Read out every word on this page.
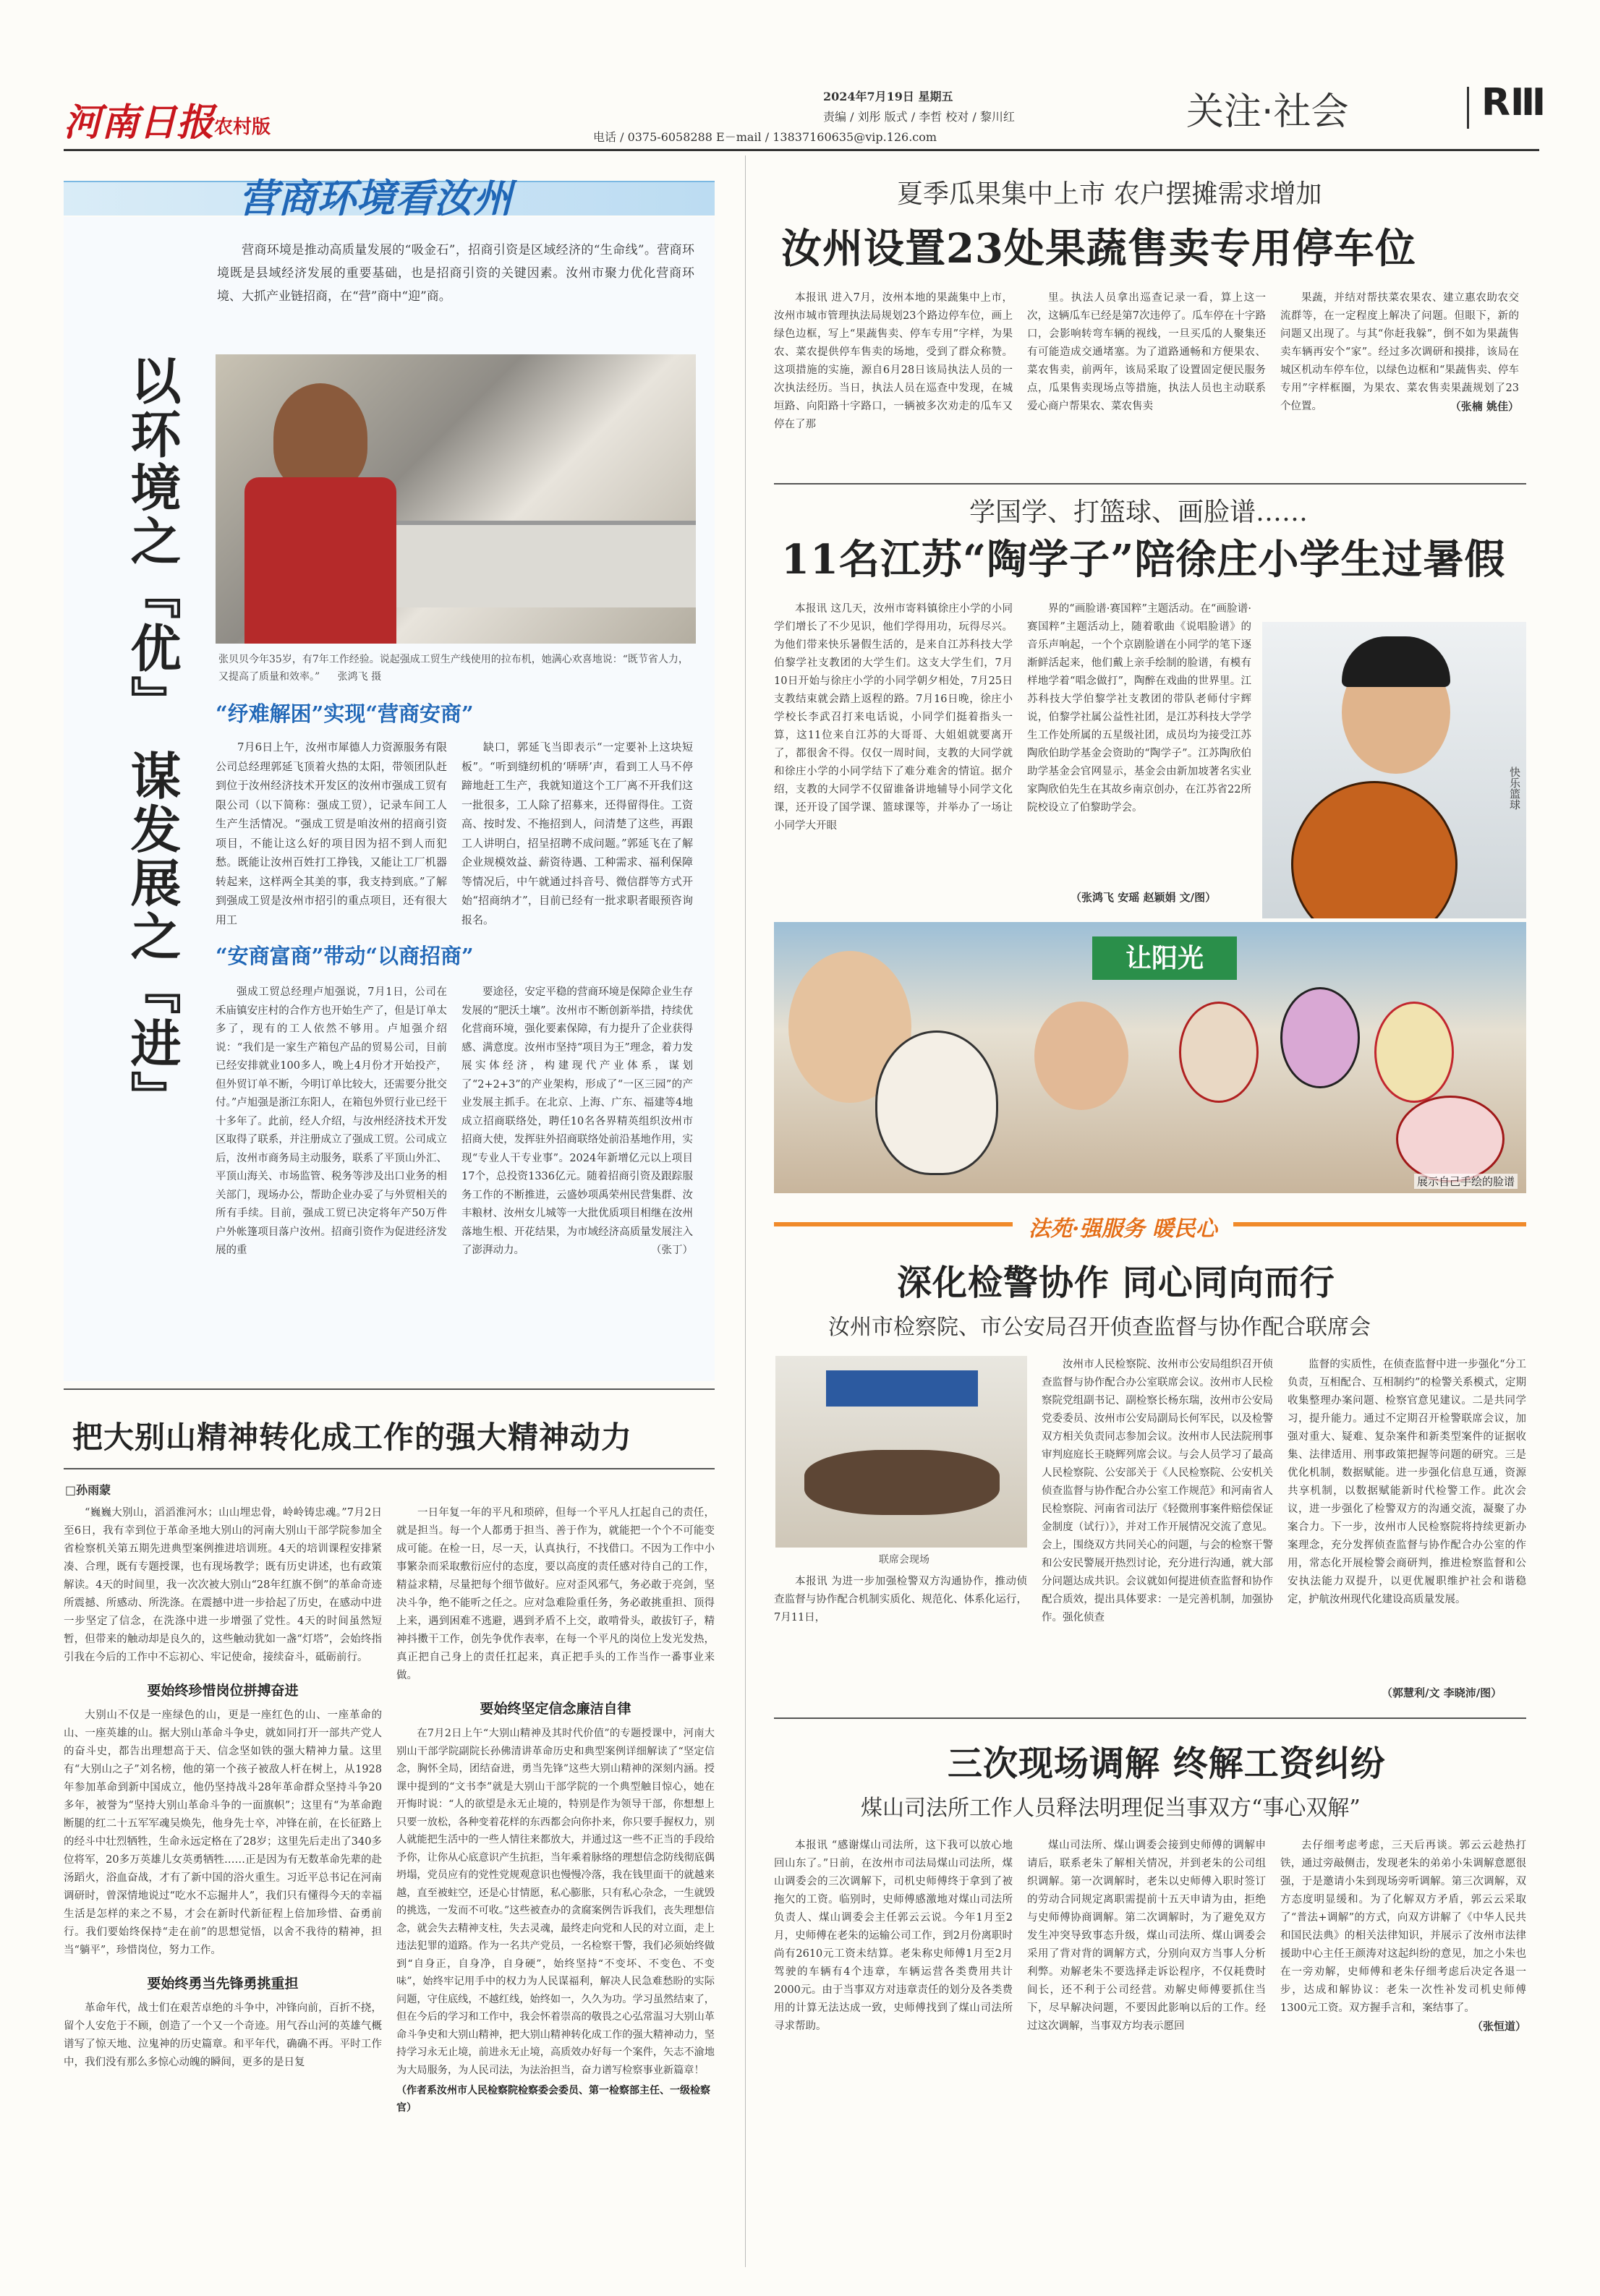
河南日报农村版
2024年7月19日 星期五
责编 / 刘彤 版式 / 李哲 校对 / 黎川红
电话 / 0375-6058288 E－mail / 13837160635@vip.126.com
关注·社会	RⅢ
营商环境看汝州

营商环境是推动高质量发展的“吸金石”，招商引资是区域经济的“生命线”。营商环境既是县域经济发展的重要基础，也是招商引资的关键因素。汝州市聚力优化营商环境、大抓产业链招商，在“营”商中“迎”商。

以环境之『优』 谋发展之『进』	张贝贝今年35岁，有7年工作经验。说起强成工贸生产线使用的拉布机，她满心欢喜地说：“既节省人力，又提高了质量和效率。” 张鸿飞 摄
“纾难解困”实现“营商安商”

7月6日上午，汝州市犀德人力资源服务有限公司总经理郭延飞顶着火热的太阳，带领团队赶到位于汝州经济技术开发区的汝州市强成工贸有限公司（以下简称：强成工贸），记录车间工人生产生活情况。“强成工贸是咱汝州的招商引资项目，不能让这么好的项目因为招不到人而犯愁。既能让汝州百姓打工挣钱，又能让工厂机器转起来，这样两全其美的事，我支持到底。”了解到强成工贸是汝州市招引的重点项目，还有很大用工

缺口，郭延飞当即表示“一定要补上这块短板”。“听到缝纫机的‘哢哢’声，看到工人马不停蹄地赶工生产，我就知道这个工厂离不开我们这一批很多，工人除了招募来，还得留得住。工资高、按时发、不拖招到人，问清楚了这些，再跟工人讲明白，招呈招聘不成问题。”郭延飞在了解企业规模效益、薪资待遇、工种需求、福利保障等情况后，中午就通过抖音号、微信群等方式开始“招商纳才”，目前已经有一批求职者眼预咨询报名。

“安商富商”带动“以商招商”

强成工贸总经理卢旭强说，7月1日，公司在禾庙镇安庄村的合作方也开始生产了，但是订单太多了，现有的工人依然不够用。卢旭强介绍说：“我们是一家生产箱包产品的贸易公司，目前已经安排就业100多人，晚上4月份才开始投产，但外贸订单不断，今明订单比较大，还需要分批交付。”卢旭强是浙江东阳人，在箱包外贸行业已经干十多年了。此前，经人介绍，与汝州经济技术开发区取得了联系，并注册成立了强成工贸。公司成立后，汝州市商务局主动服务，联系了平顶山外汇、平顶山海关、市场监管、税务等涉及出口业务的相关部门，现场办公，帮助企业办妥了与外贸相关的所有手续。目前，强成工贸已决定将年产50万件户外帐篷项目落户汝州。招商引资作为促进经济发展的重

要途径，安定平稳的营商环境是保障企业生存发展的“肥沃土壤”。汝州市不断创新举措，持续优化营商环境，强化要素保障，有力提升了企业获得感、满意度。汝州市坚持“项目为王”理念，着力发展实体经济，构建现代产业体系，谋划了“2+2+3”的产业架构，形成了“一区三园”的产业发展主抓手。在北京、上海、广东、福建等4地成立招商联络处，聘任10名各界精英组织汝州市招商大使，发挥驻外招商联络处前沿基地作用，实现“专业人干专业事”。2024年新增亿元以上项目17个，总投资1336亿元。随着招商引资及跟踪服务工作的不断推进，云盛妙项禹荣州民营集群、汝丰粮材、汝州女儿城等一大批优质项目相继在汝州落地生根、开花结果，为市域经济高质量发展注入了澎湃动力。	（张丁）

把大别山精神转化成工作的强大精神动力
□孙雨蒙

“巍巍大别山，滔滔淮河水；山山埋忠骨，岭岭铸忠魂。”7月2日至6日，我有幸到位于革命圣地大别山的河南大别山干部学院参加全省检察机关第五期先进典型案例推进培训班。4天的培训课程安排紧凑、合理，既有专题授课，也有现场教学；既有历史讲述，也有政策解读。4天的时间里，我一次次被大别山“28年红旗不倒”的革命奇迹所震撼、所感动、所洗涤。在震撼中进一步拾起了历史，在感动中进一步坚定了信念，在洗涤中进一步增强了党性。4天的时间虽然短暂，但带来的触动却是良久的，这些触动犹如一盏“灯塔”，会始终指引我在今后的工作中不忘初心、牢记使命，接续奋斗，砥砺前行。

要始终珍惜岗位拼搏奋进

大别山不仅是一座绿色的山，更是一座红色的山、一座革命的山、一座英雄的山。据大别山革命斗争史，就如同打开一部共产党人的奋斗史，都告出理想高于天、信念坚如铁的强大精神力量。这里有“大别山之子”刘名榜，他的第一个孩子被敌人杆在树上，从1928年参加革命到新中国成立，他仍坚持战斗28年革命群众坚持斗争20多年，被誉为“坚持大别山革命斗争的一面旗帜”；这里有“为革命跑断腿的红二十五军军魂吴焕先，他身先士卒，冲锋在前，在长征路上的经斗中壮烈牺牲，生命永远定格在了28岁；这里先后走出了340多位将军，20多万英雄儿女英勇牺牲……正是因为有无数革命先辈的赴汤蹈火，浴血奋战，才有了新中国的浴火重生。习近平总书记在河南调研时，曾深情地说过“吃水不忘掘井人”，我们只有懂得今天的幸福生活是怎样的来之不易，才会在新时代新征程上倍加珍惜、奋勇前行。我们要始终保持“走在前”的思想觉悟，以舍不我待的精神，担当“躺平”，珍惜岗位，努力工作。

要始终勇当先锋勇挑重担

革命年代，战士们在艰苦卓绝的斗争中，冲锋向前，百折不挠，留个人安危于不顾，创造了一个又一个奇迹。用气吞山河的英雄气概谱写了惊天地、泣鬼神的历史篇章。和平年代，确确不再。平时工作中，我们没有那么多惊心动魄的瞬间，更多的是日复

一日年复一年的平凡和琐碎，但每一个平凡人扛起自己的责任，就是担当。每一个人都勇于担当、善于作为，就能把一个个不可能变成可能。在检一日，尽一天，认真执行，不找借口。不因为工作中小事繁杂而采取敷衍应付的态度，要以高度的责任感对待自己的工作，精益求精，尽量把每个细节做好。应对歪风邪气，务必敢于亮剑，坚决斗争，绝不能听之任之。应对急难险重任务，务必敢挑重担、顶得上来，遇到困难不逃避，遇到矛盾不上交，敢啃骨头，敢拔钉子，精神抖擞干工作，创先争优作表率，在每一个平凡的岗位上发光发热，真正把自己身上的责任扛起来，真正把手头的工作当作一番事业来做。

要始终坚定信念廉洁自律

在7月2日上午“大别山精神及其时代价值”的专题授课中，河南大别山干部学院副院长孙佛清讲革命历史和典型案例详细解读了“坚定信念，胸怀全局，团结奋进，勇当先锋”这些大别山精神的深刻内涵。授课中提到的“文书李”就是大别山干部学院的一个典型触目惊心，她在开悔时说：“人的欲望是永无止境的，特别是作为领导干部，你想想上只要一放松，各种变着花样的东西都会向你扑来，你只要手握权力，别人就能把生活中的一些人情往来都放大，并通过这一些不正当的手段给予你，让你从心底意识产生抗拒，当年乘着脉络的理想信念防线彻底偶坍塌，党员应有的党性党规观意识也慢慢冷落，我在钱里面干的就越来越，直至被蛀空，还是心甘情愿，私心膨胀，只有私心杂念，一生就毁的挑选，一发而不可收。”这些被查办的贪腐案例告诉我们，丧失理想信念，就会失去精神支柱，失去灵魂，最终走向党和人民的对立面，走上违法犯罪的道路。作为一名共产党员，一名检察干警，我们必须始终做到“自身正，自身净，自身硬”，始终坚持“不变坏、不变色、不变味”，始终牢记用手中的权力为人民谋福利，解决人民急难愁盼的实际问题，守住底线，不越红线，始终如一，久久为功。学习虽然结束了，但在今后的学习和工作中，我会怀着崇高的敬畏之心弘常温习大别山革命斗争史和大别山精神，把大别山精神转化成工作的强大精神动力，坚持学习永无止境，前进永无止境，高质效办好每一个案件，矢志不渝地为大局服务，为人民司法，为法治担当，奋力谱写检察事业新篇章！

（作者系汝州市人民检察院检察委会委员、第一检察部主任、一级检察官）

夏季瓜果集中上市 农户摆摊需求增加
汝州设置23处果蔬售卖专用停车位

本报讯 进入7月，汝州本地的果蔬集中上市，汝州市城市管理执法局规划23个路边停车位，画上绿色边框，写上“果蔬售卖、停车专用”字样，为果农、菜农提供停车售卖的场地，受到了群众称赞。这项措施的实施，源自6月28日该局执法人员的一次执法经历。当日，执法人员在巡查中发现，在城垣路、向阳路十字路口，一辆被多次劝走的瓜车又停在了那

里。执法人员拿出巡查记录一看，算上这一次，这辆瓜车已经是第7次违停了。瓜车停在十字路口，会影响转弯车辆的视线，一旦买瓜的人聚集还有可能造成交通堵塞。为了道路通畅和方便果农、菜农售卖，前两年，该局采取了设置固定便民服务点，瓜果售卖现场点等措施，执法人员也主动联系爱心商户帮果农、菜农售卖

果蔬，并结对帮扶菜农果农、建立惠农助农交流群等，在一定程度上解决了问题。但眼下，新的问题又出现了。与其“你赶我躲”，倒不如为果蔬售卖车辆再安个“家”。经过多次调研和摸排，该局在城区机动车停车位，以绿色边框和“果蔬售卖、停车专用”字样框圈，为果农、菜农售卖果蔬规划了23个位置。	（张楠 姚佳）

学国学、打篮球、画脸谱……
11名江苏“陶学子”陪徐庄小学生过暑假

本报讯 这几天，汝州市寄料镇徐庄小学的小同学们增长了不少见识，他们学得用功，玩得尽兴。为他们带来快乐暑假生活的，是来自江苏科技大学伯黎学社支教团的大学生们。这支大学生们，7月10日开始与徐庄小学的小同学朝夕相处，7月25日支教结束就会踏上返程的路。7月16日晚，徐庄小学校长李武召打来电话说，小同学们挺着指头一算，这11位来自江苏的大哥哥、大姐姐就要离开了，都很舍不得。仅仅一周时间，支教的大同学就和徐庄小学的小同学结下了难分难舍的情谊。据介绍，支教的大同学不仅留谁备讲地辅导小同学文化课，还开设了国学课、篮球课等，并举办了一场让小同学大开眼

界的“画脸谱·赛国粹”主题活动。在“画脸谱·赛国粹”主题活动上，随着歌曲《说唱脸谱》的音乐声响起，一个个京剧脸谱在小同学的笔下逐渐鲜活起来，他们戴上亲手绘制的脸谱，有模有样地学着“唱念做打”，陶醉在戏曲的世界里。江苏科技大学伯黎学社支教团的带队老师付宇辉说，伯黎学社属公益性社团，是江苏科技大学学生工作处所属的五星级社团，成员均为接受江苏陶欣伯助学基金会资助的“陶学子”。江苏陶欣伯助学基金会官网显示，基金会由新加坡著名实业家陶欣伯先生在其故乡南京创办，在江苏省22所院校设立了伯黎助学会。

（张鸿飞 安瑶 赵颖娟 文/图）
快乐篮球
让阳光
展示自己手绘的脸谱
法苑·强服务 暖民心
深化检警协作 同心同向而行
汝州市检察院、市公安局召开侦查监督与协作配合联席会
联席会现场

本报讯 为进一步加强检警双方沟通协作，推动侦查监督与协作配合机制实质化、规范化、体系化运行，7月11日，

汝州市人民检察院、汝州市公安局组织召开侦查监督与协作配合办公室联席会议。汝州市人民检察院党组副书记、副检察长杨东瑞，汝州市公安局党委委员、汝州市公安局副局长何军民，以及检警双方相关负责同志参加会议。汝州市人民法院刑事审判庭庭长王晓辉列席会议。与会人员学习了最高人民检察院、公安部关于《人民检察院、公安机关侦查监督与协作配合办公室工作规范》和河南省人民检察院、河南省司法厅《轻微刑事案件赔偿保证金制度（试行）》，并对工作开展情况交流了意见。会上，围绕双方共同关心的问题，与会的检察干警和公安民警展开热烈讨论，充分进行沟通，就大部分问题达成共识。会议就如何提进侦查监督和协作配合质效，提出具体要求：一是完善机制，加强协作。强化侦查

监督的实质性，在侦查监督中进一步强化“分工负责，互相配合、互相制约”的检警关系模式，定期收集整理办案问题、检察官意见建议。二是共同学习，提升能力。通过不定期召开检警联席会议，加强对重大、疑难、复杂案件和新类型案件的证据收集、法律适用、刑事政策把握等问题的研究。三是优化机制，数据赋能。进一步强化信息互通，资源共享机制，以数据赋能新时代检警工作。此次会议，进一步强化了检警双方的沟通交流，凝聚了办案合力。下一步，汝州市人民检察院将持续更新办案理念，充分发挥侦查监督与协作配合办公室的作用，常态化开展检警会商研判，推进检察监督和公安执法能力双提升，以更优履职维护社会和谐稳定，护航汝州现代化建设高质量发展。

（郭慧利/文 李晓沛/图）
三次现场调解 终解工资纠纷
煤山司法所工作人员释法明理促当事双方“事心双解”

本报讯 “感谢煤山司法所，这下我可以放心地回山东了。”日前，在汝州市司法局煤山司法所，煤山调委会的三次调解下，司机史师傅终于拿到了被拖欠的工资。临别时，史师傅感激地对煤山司法所负责人、煤山调委会主任郭云云说。今年1月至2月，史师傅在老朱的运输公司工作，到2月份离职时尚有2610元工资未结算。老朱称史师傅1月至2月驾驶的车辆有4个违章，车辆运营各类费用共计2000元。由于当事双方对违章责任的划分及各类费用的计算无法达成一致，史师傅找到了煤山司法所寻求帮助。

煤山司法所、煤山调委会接到史师傅的调解申请后，联系老朱了解相关情况，并到老朱的公司组织调解。第一次调解时，老朱以史师傅入职时签订的劳动合同规定离职需提前十五天申请为由，拒绝与史师傅协商调解。第二次调解时，为了避免双方发生冲突导致事态升级，煤山司法所、煤山调委会采用了背对背的调解方式，分别向双方当事人分析利弊。劝解老朱不要选择走诉讼程序，不仅耗费时间长，还不利于公司经营。劝解史师傅要抓住当下，尽早解决问题，不要因此影响以后的工作。经过这次调解，当事双方均表示愿回

去仔细考虑考虑，三天后再谈。郭云云趁热打铁，通过旁敲侧击，发现老朱的弟弟小朱调解意愿很强，于是邀请小朱到现场旁听调解。第三次调解，双方态度明显缓和。为了化解双方矛盾，郭云云采取了“普法+调解”的方式，向双方讲解了《中华人民共和国民法典》的相关法律知识，并展示了汝州市法律援助中心主任王颜涛对这起纠纷的意见，加之小朱也在一旁劝解，史师傅和老朱仔细考虑后决定各退一步，达成和解协议：老朱一次性补发司机史师傅1300元工资。双方握手言和，案结事了。
（张恒道）
